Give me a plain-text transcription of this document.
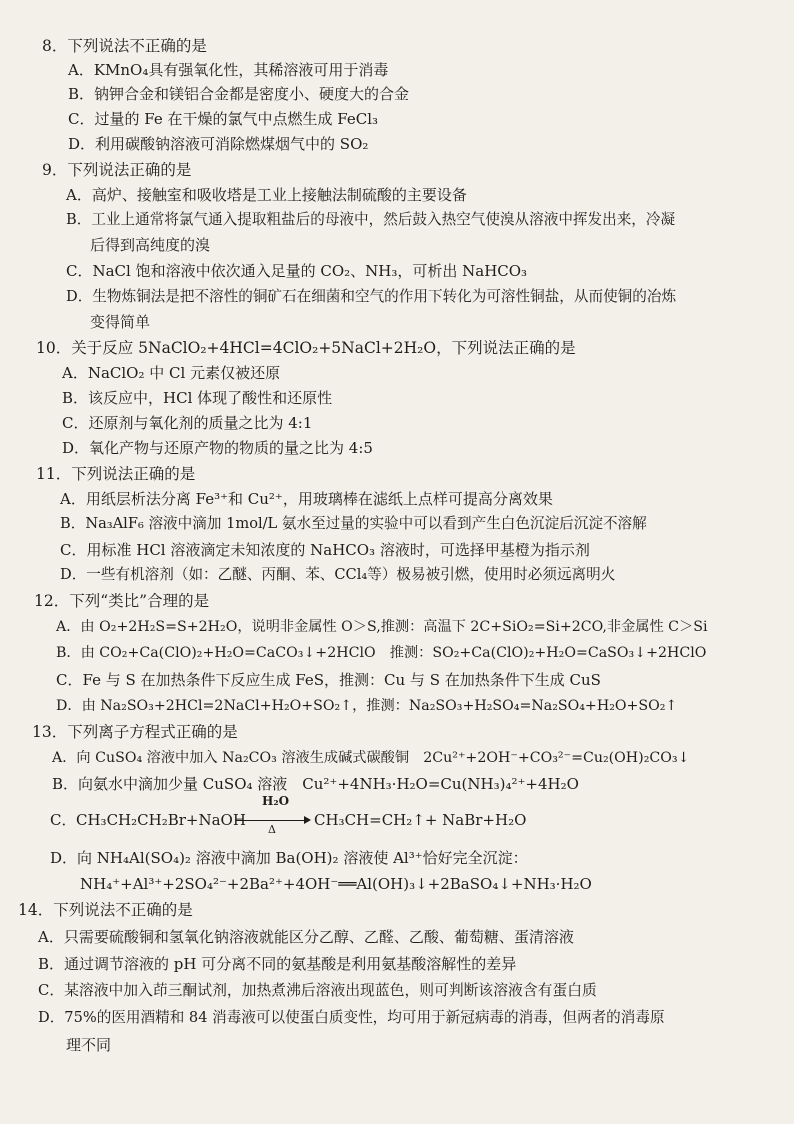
8．下列说法不正确的是
A．KMnO₄具有强氧化性，其稀溶液可用于消毒
B．钠钾合金和镁铝合金都是密度小、硬度大的合金
C．过量的 Fe 在干燥的氯气中点燃生成 FeCl₃
D．利用碳酸钠溶液可消除燃煤烟气中的 SO₂
9．下列说法正确的是
A．高炉、接触室和吸收塔是工业上接触法制硫酸的主要设备
B．工业上通常将氯气通入提取粗盐后的母液中，然后鼓入热空气使溴从溶液中挥发出来，冷凝
后得到高纯度的溴
C．NaCl 饱和溶液中依次通入足量的 CO₂、NH₃，可析出 NaHCO₃
D．生物炼铜法是把不溶性的铜矿石在细菌和空气的作用下转化为可溶性铜盐，从而使铜的冶炼
变得简单
10．关于反应 5NaClO₂+4HCl=4ClO₂+5NaCl+2H₂O，下列说法正确的是
A．NaClO₂ 中 Cl 元素仅被还原
B．该反应中，HCl 体现了酸性和还原性
C．还原剂与氧化剂的质量之比为 4:1
D．氧化产物与还原产物的物质的量之比为 4:5
11．下列说法正确的是
A．用纸层析法分离 Fe³⁺和 Cu²⁺，用玻璃棒在滤纸上点样可提高分离效果
B．Na₃AlF₆ 溶液中滴加 1mol/L 氨水至过量的实验中可以看到产生白色沉淀后沉淀不溶解
C．用标准 HCl 溶液滴定未知浓度的 NaHCO₃ 溶液时，可选择甲基橙为指示剂
D．一些有机溶剂（如：乙醚、丙酮、苯、CCl₄等）极易被引燃，使用时必须远离明火
12．下列“类比”合理的是
A．由 O₂+2H₂S=S+2H₂O，说明非金属性 O＞S,推测：高温下 2C+SiO₂=Si+2CO,非金属性 C＞Si
B．由 CO₂+Ca(ClO)₂+H₂O=CaCO₃↓+2HClO　推测：SO₂+Ca(ClO)₂+H₂O=CaSO₃↓+2HClO
C．Fe 与 S 在加热条件下反应生成 FeS，推测：Cu 与 S 在加热条件下生成 CuS
D．由 Na₂SO₃+2HCl=2NaCl+H₂O+SO₂↑，推测：Na₂SO₃+H₂SO₄=Na₂SO₄+H₂O+SO₂↑
13．下列离子方程式正确的是
A．向 CuSO₄ 溶液中加入 Na₂CO₃ 溶液生成碱式碳酸铜　2Cu²⁺+2OH⁻+CO₃²⁻=Cu₂(OH)₂CO₃↓
B．向氨水中滴加少量 CuSO₄ 溶液　Cu²⁺+4NH₃·H₂O=Cu(NH₃)₄²⁺+4H₂O
C． CH₃CH₂CH₂Br+NaOH
H₂O
Δ
CH₃CH=CH₂↑+ NaBr+H₂O
D．向 NH₄Al(SO₄)₂ 溶液中滴加 Ba(OH)₂ 溶液使 Al³⁺恰好完全沉淀：
NH₄⁺+Al³⁺+2SO₄²⁻+2Ba²⁺+4OH⁻══Al(OH)₃↓+2BaSO₄↓+NH₃·H₂O
14．下列说法不正确的是
A．只需要硫酸铜和氢氧化钠溶液就能区分乙醇、乙醛、乙酸、葡萄糖、蛋清溶液
B．通过调节溶液的 pH 可分离不同的氨基酸是利用氨基酸溶解性的差异
C．某溶液中加入茚三酮试剂，加热煮沸后溶液出现蓝色，则可判断该溶液含有蛋白质
D．75%的医用酒精和 84 消毒液可以使蛋白质变性，均可用于新冠病毒的消毒，但两者的消毒原
理不同
